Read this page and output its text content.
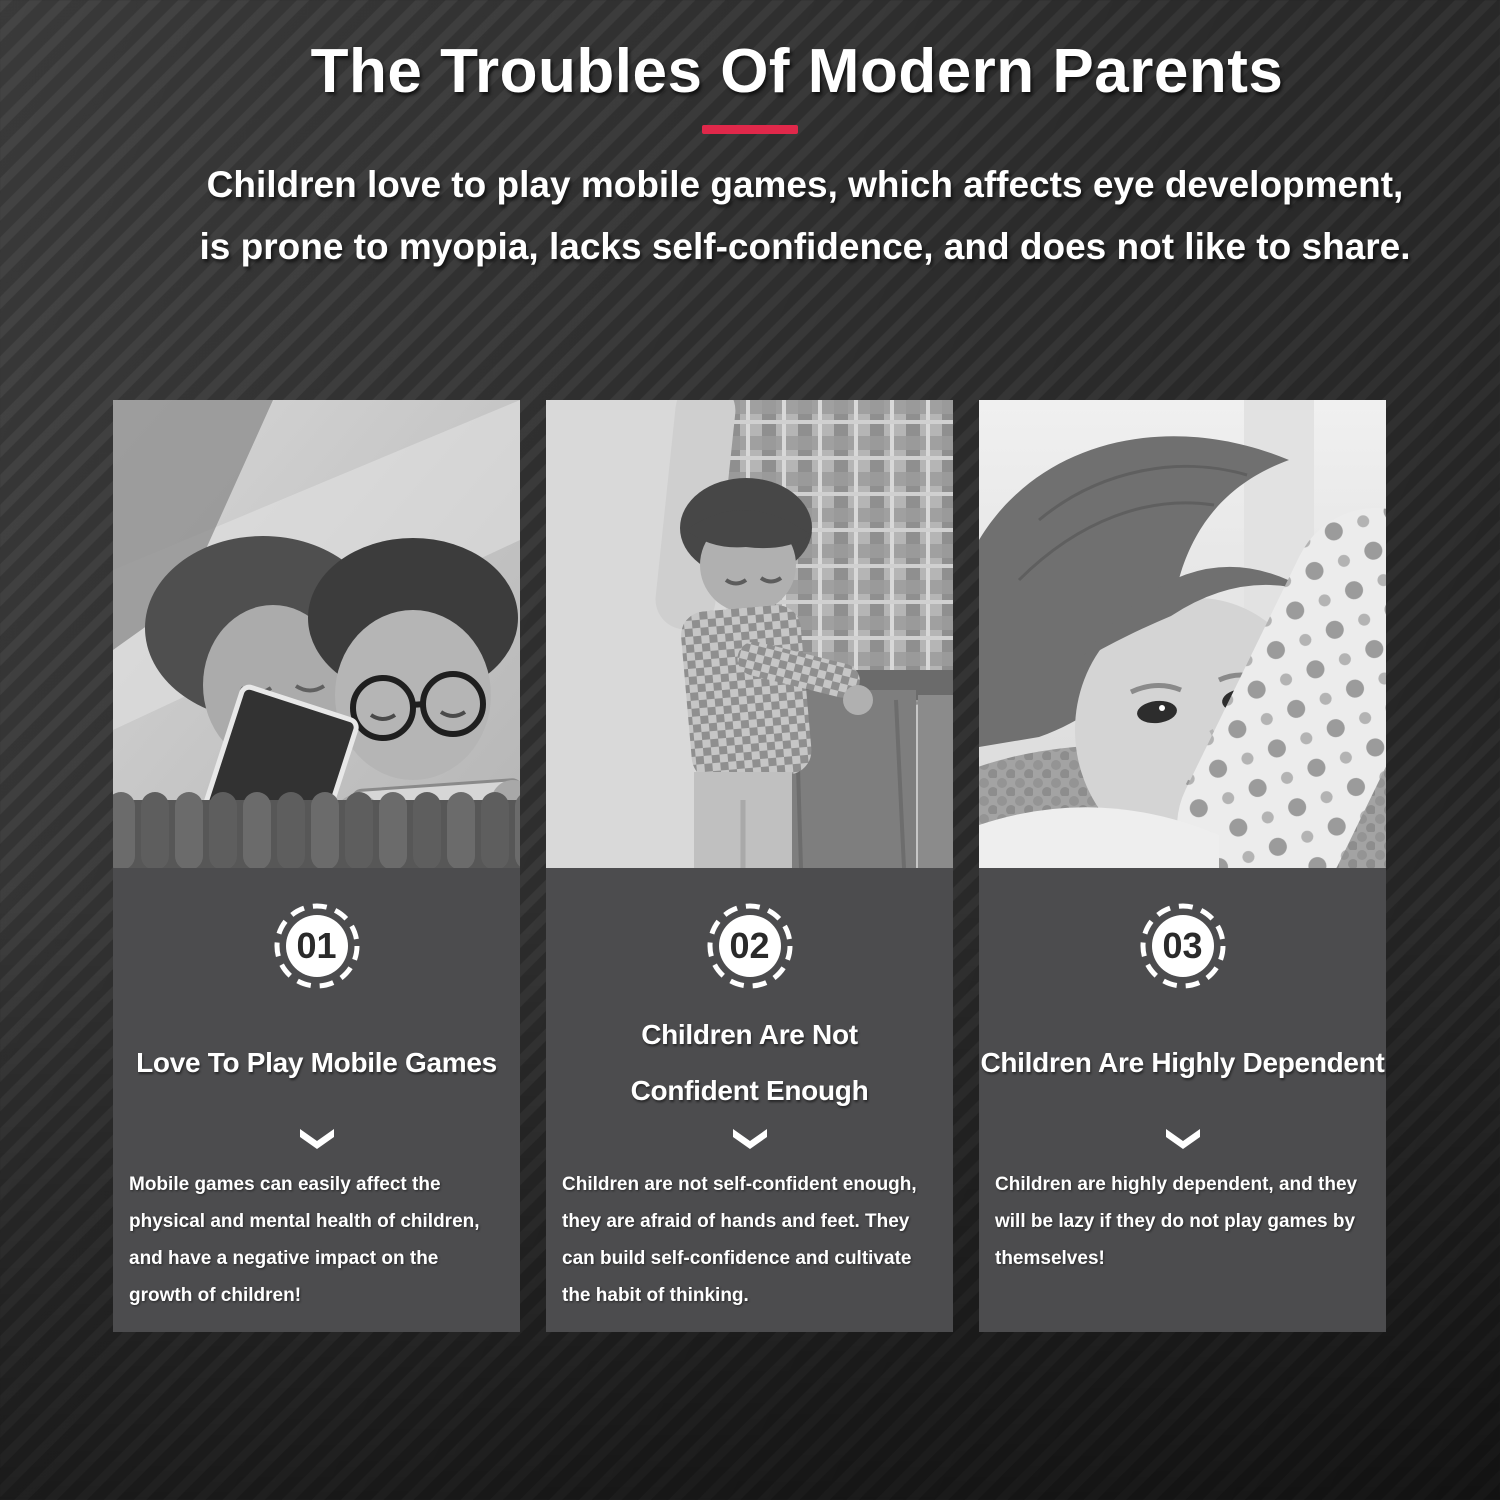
The Troubles Of Modern Parents
Children love to play mobile games, which affects eye development,
is prone to myopia, lacks self-confidence, and does not like to share.
01
Love To Play Mobile Games
Mobile games can easily affect the physical and mental health of children, and have a negative impact on the growth of children!
02
Children Are Not Confident Enough
Children are not self-confident enough, they are afraid of hands and feet. They can build self-confidence and cultivate the habit of thinking.
03
Children Are Highly Dependent
Children are highly dependent, and they will be lazy if they do not play games by themselves!
